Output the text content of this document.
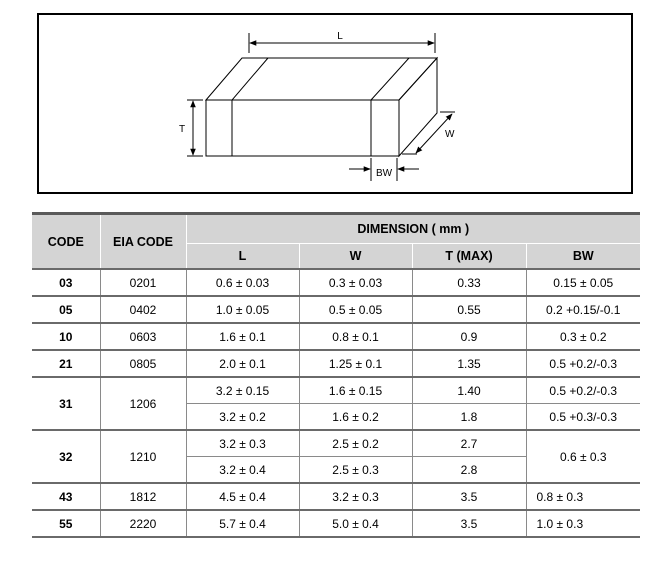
L
T	W
BW
CODE	EIA CODE	DIMENSION ( mm )			
		L	W	T (MAX)	BW
03	0201	0.6 ± 0.03	0.3 ± 0.03	0.33	0.15 ± 0.05
05	0402	1.0 ± 0.05	0.5 ± 0.05	0.55	0.2 +0.15/-0.1
10	0603	1.6 ± 0.1	0.8 ± 0.1	0.9	0.3 ± 0.2
21	0805	2.0 ± 0.1	1.25 ± 0.1	1.35	0.5 +0.2/-0.3
31	1206	3.2 ± 0.15	1.6 ± 0.15	1.40	0.5 +0.2/-0.3
		3.2 ± 0.2	1.6 ± 0.2	1.8	0.5 +0.3/-0.3
32	1210	3.2 ± 0.3	2.5 ± 0.2	2.7	0.6 ± 0.3
		3.2 ± 0.4	2.5 ± 0.3	2.8	
43	1812	4.5 ± 0.4	3.2 ± 0.3	3.5	0.8 ± 0.3
55	2220	5.7 ± 0.4	5.0 ± 0.4	3.5	1.0 ± 0.3
